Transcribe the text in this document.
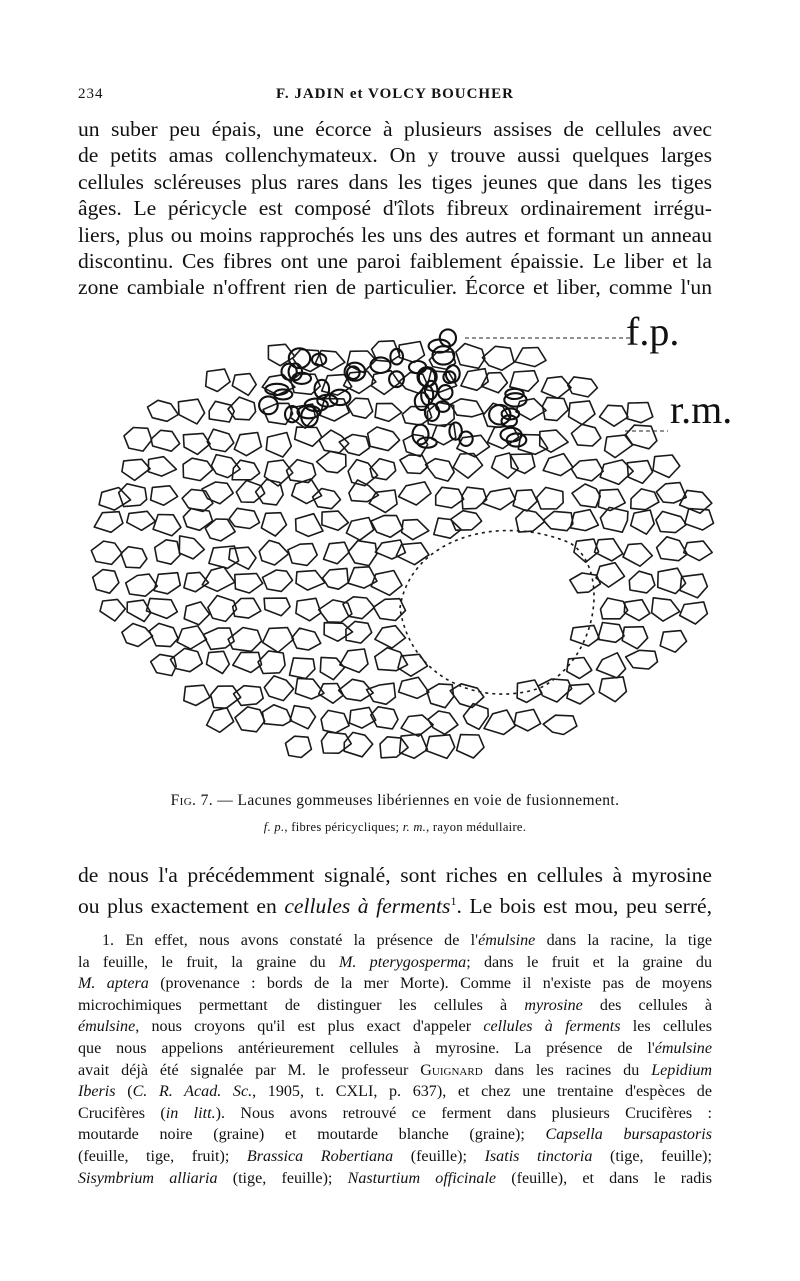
234	F. JADIN et VOLCY BOUCHER
un suber peu épais, une écorce à plusieurs assises de cellules avec
de petits amas collenchymateux. On y trouve aussi quelques larges
cellules scléreuses plus rares dans les tiges jeunes que dans les tiges
âges. Le péricycle est composé d'îlots fibreux ordinairement irrégu-
liers, plus ou moins rapprochés les uns des autres et formant un anneau
discontinu. Ces fibres ont une paroi faiblement épaissie. Le liber et la
zone cambiale n'offrent rien de particulier. Écorce et liber, comme l'un
f.p.
r.m.
Fig. 7. — Lacunes gommeuses libériennes en voie de fusionnement.
f. p., fibres péricycliques; r. m., rayon médullaire.
de nous l'a précédemment signalé, sont riches en cellules à myrosine
ou plus exactement en cellules à ferments$^1$. Le bois est mou, peu serré,
1. En effet, nous avons constaté la présence de l'émulsine dans la racine, la tige
la feuille, le fruit, la graine du M. pterygosperma; dans le fruit et la graine du
M. aptera (provenance : bords de la mer Morte). Comme il n'existe pas de moyens
microchimiques permettant de distinguer les cellules à myrosine des cellules à
émulsine, nous croyons qu'il est plus exact d'appeler cellules à ferments les cellules
que nous appelions antérieurement cellules à myrosine. La présence de l'émulsine
avait déjà été signalée par M. le professeur Guignard dans les racines du Lepidium
Iberis (C. R. Acad. Sc., 1905, t. CXLI, p. 637), et chez une trentaine d'espèces de
Crucifères (in litt.). Nous avons retrouvé ce ferment dans plusieurs Crucifères :
moutarde noire (graine) et moutarde blanche (graine); Capsella bursapastoris
(feuille, tige, fruit); Brassica Robertiana (feuille); Isatis tinctoria (tige, feuille);
Sisymbrium alliaria (tige, feuille); Nasturtium officinale (feuille), et dans le radis
